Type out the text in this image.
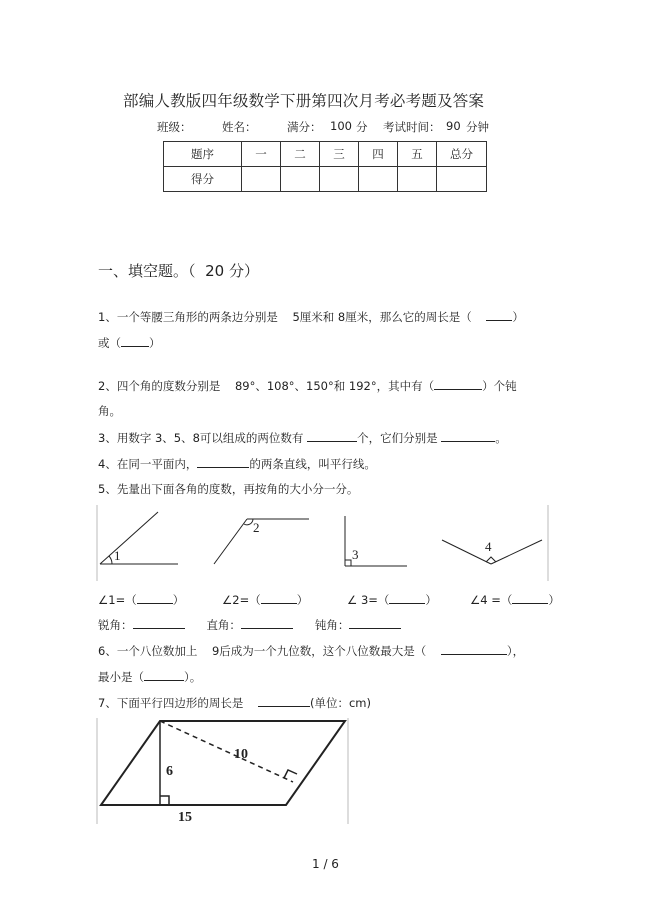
部编人教版四年级数学下册第四次月考必考题及答案
班级：	姓名：	满分： 100 分 考试时间： 90 分钟
题序	一	二	三	四	五	总分
得分						
一、填空题。（ 20 分）
1、一个等腰三角形的两条边分别是 5厘米和 8厘米，那么它的周长是（	）
或（ ）
2、四个角的度数分别是 89°、108°、150°和 192°，其中有（	）个钝
角。
3、用数字 3、5、8可以组成的两位数有	个，它们分别是	。
4、在同一平面内，	的两条直线，叫平行线。
5、先量出下面各角的度数，再按角的大小分一分。
1
2
3
4
∠1=（	）	∠2=（	）	∠ 3=（	）	∠4 =（	）
锐角：	直角：	钝角：
6、一个八位数加上 9后成为一个九位数，这个八位数最大是（	），
最小是（	）。
7、下面平行四边形的周长是	(单位：cm)
10
6
15
1 / 6
